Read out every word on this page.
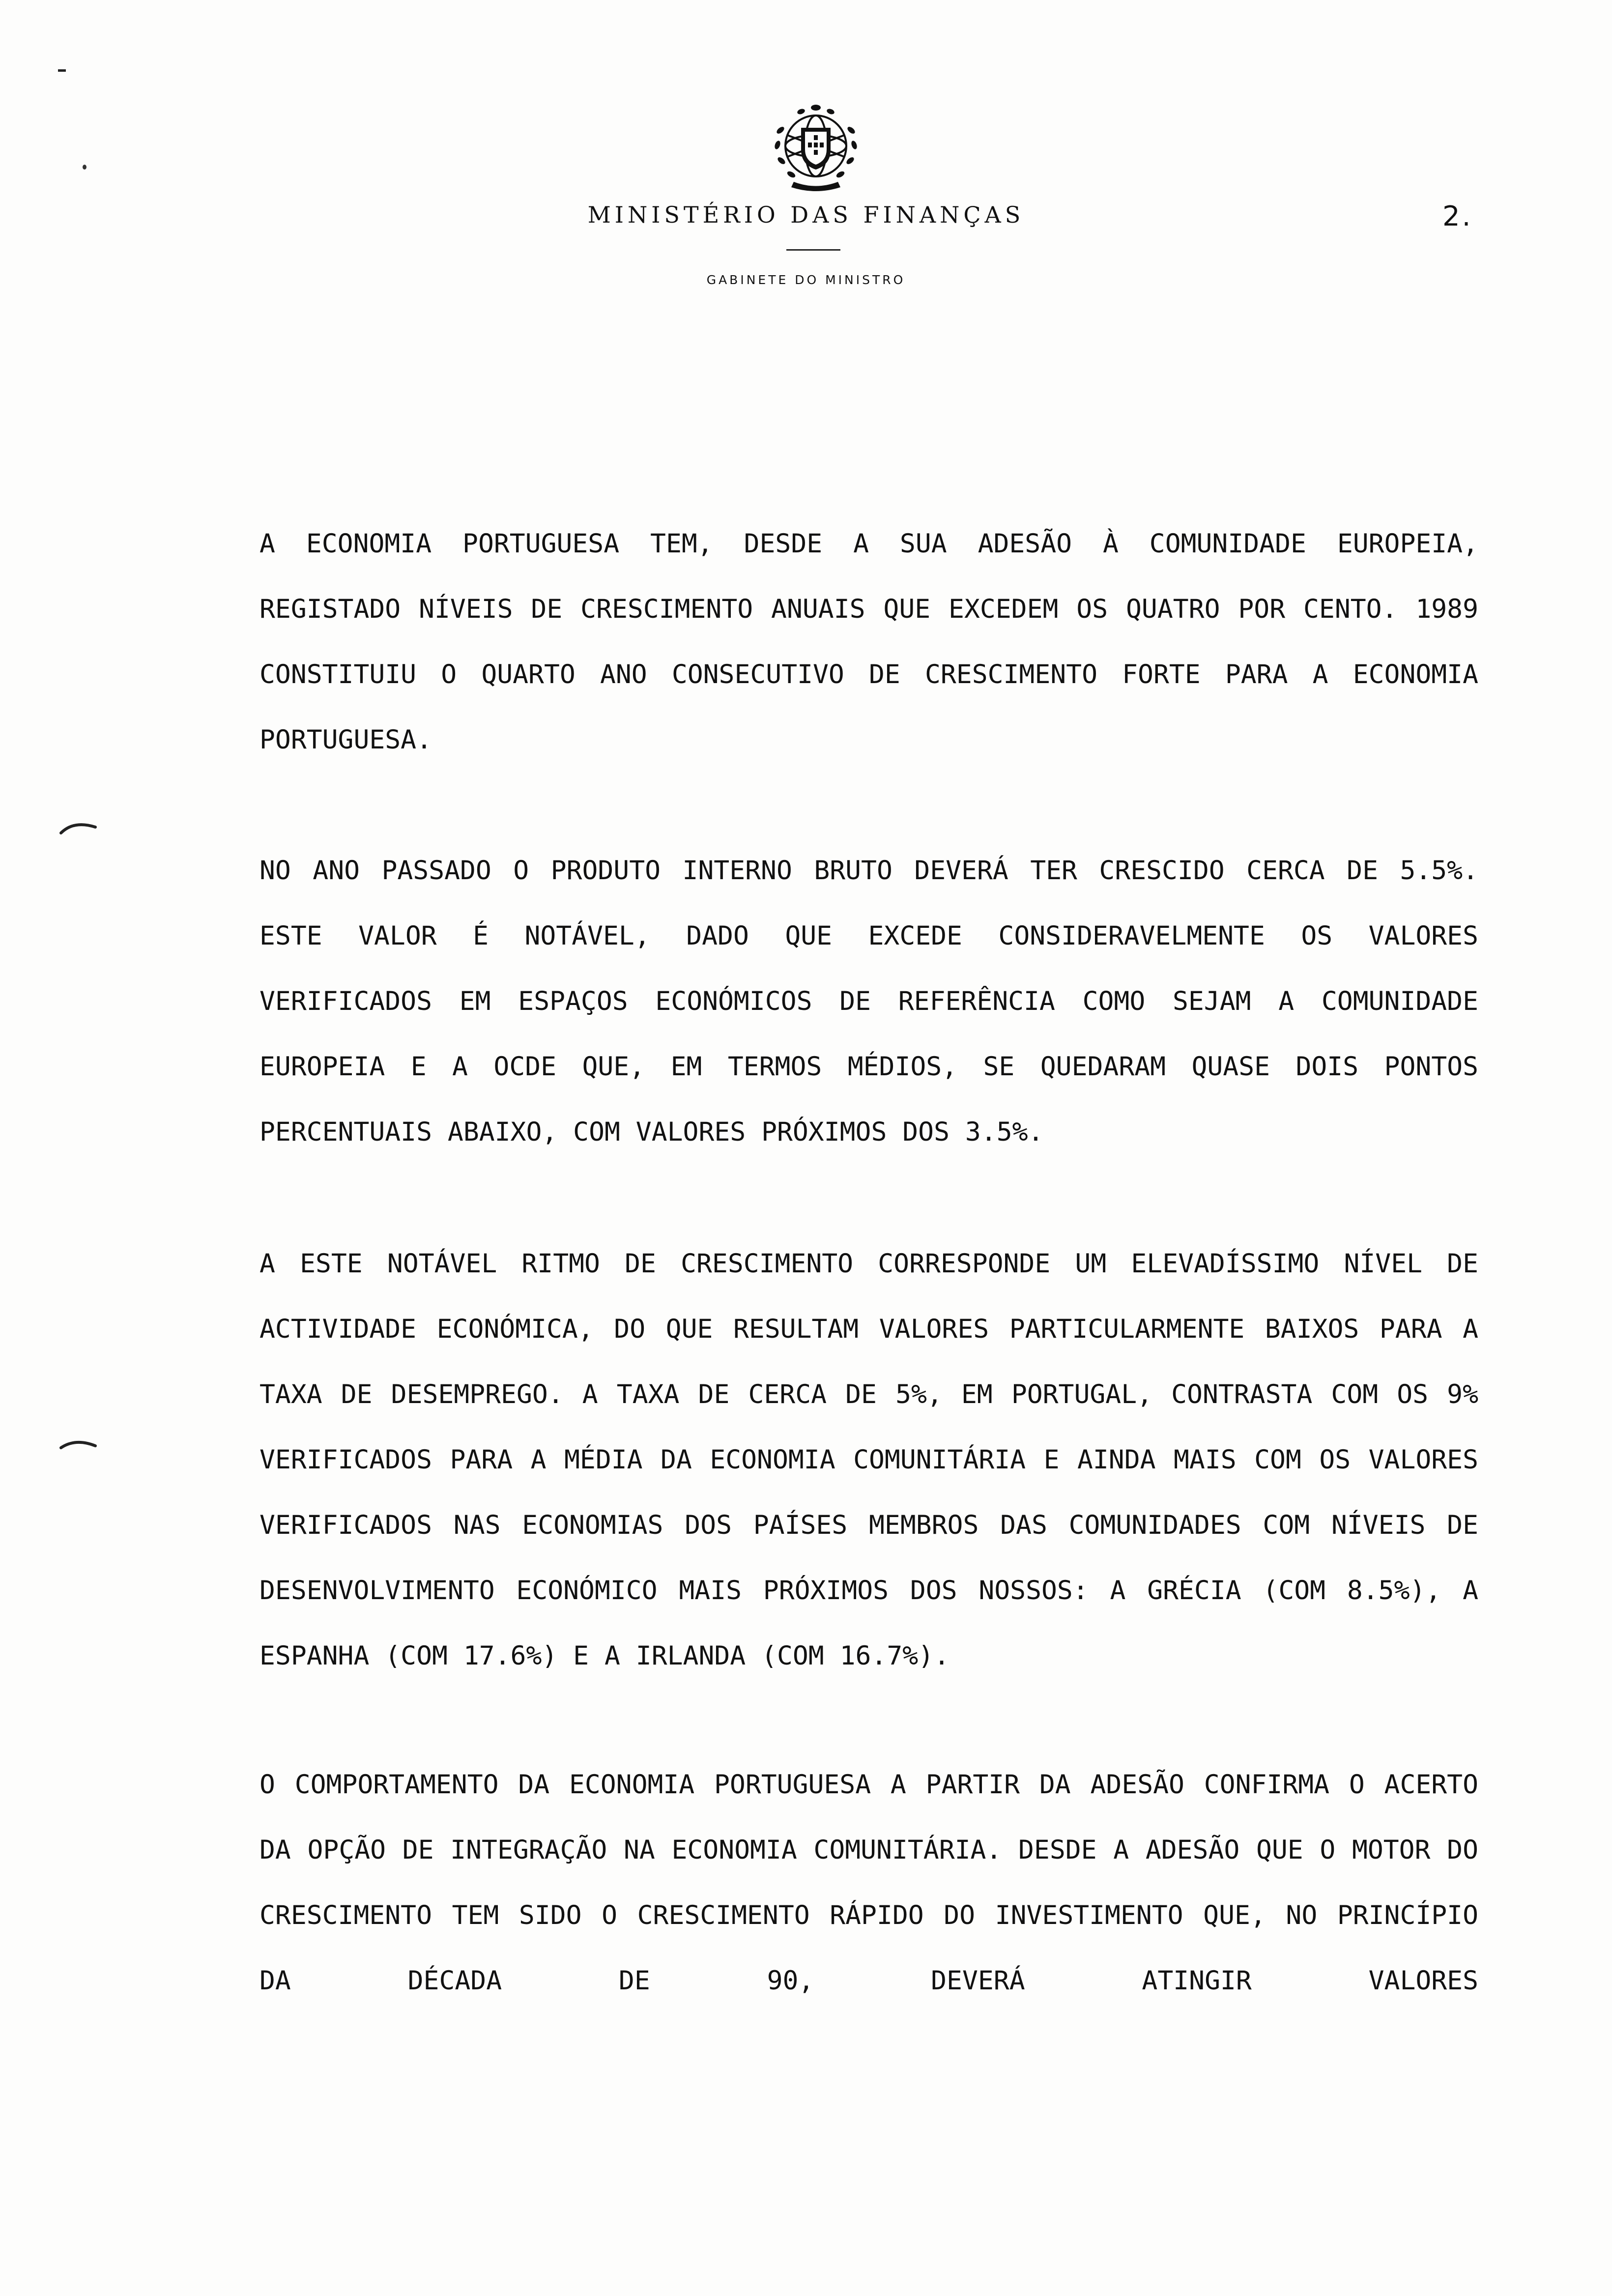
MINISTÉRIO DAS FINANÇAS
GABINETE DO MINISTRO
2.

A ECONOMIA PORTUGUESA TEM, DESDE A SUA ADESÃO À COMUNIDADE EUROPEIA, REGISTADO NÍVEIS DE CRESCIMENTO ANUAIS QUE EXCEDEM OS QUATRO POR CENTO. 1989 CONSTITUIU O QUARTO ANO CONSECUTIVO DE CRESCIMENTO FORTE PARA A ECONOMIA PORTUGUESA.

NO ANO PASSADO O PRODUTO INTERNO BRUTO DEVERÁ TER CRESCIDO CERCA DE 5.5%. ESTE VALOR É NOTÁVEL, DADO QUE EXCEDE CONSIDERAVELMENTE OS VALORES VERIFICADOS EM ESPAÇOS ECONÓMICOS DE REFERÊNCIA COMO SEJAM A COMUNIDADE EUROPEIA E A OCDE QUE, EM TERMOS MÉDIOS, SE QUEDARAM QUASE DOIS PONTOS PERCENTUAIS ABAIXO, COM VALORES PRÓXIMOS DOS 3.5%.

A ESTE NOTÁVEL RITMO DE CRESCIMENTO CORRESPONDE UM ELEVADÍSSIMO NÍVEL DE ACTIVIDADE ECONÓMICA, DO QUE RESULTAM VALORES PARTICULARMENTE BAIXOS PARA A TAXA DE DESEMPREGO. A TAXA DE CERCA DE 5%, EM PORTUGAL, CONTRASTA COM OS 9% VERIFICADOS PARA A MÉDIA DA ECONOMIA COMUNITÁRIA E AINDA MAIS COM OS VALORES VERIFICADOS NAS ECONOMIAS DOS PAÍSES MEMBROS DAS COMUNIDADES COM NÍVEIS DE DESENVOLVIMENTO ECONÓMICO MAIS PRÓXIMOS DOS NOSSOS: A GRÉCIA (COM 8.5%), A ESPANHA (COM 17.6%) E A IRLANDA (COM 16.7%).

O COMPORTAMENTO DA ECONOMIA PORTUGUESA A PARTIR DA ADESÃO CONFIRMA O ACERTO DA OPÇÃO DE INTEGRAÇÃO NA ECONOMIA COMUNITÁRIA. DESDE A ADESÃO QUE O MOTOR DO CRESCIMENTO TEM SIDO O CRESCIMENTO RÁPIDO DO INVESTIMENTO QUE, NO PRINCÍPIO DA DÉCADA DE 90, DEVERÁ ATINGIR VALORES
